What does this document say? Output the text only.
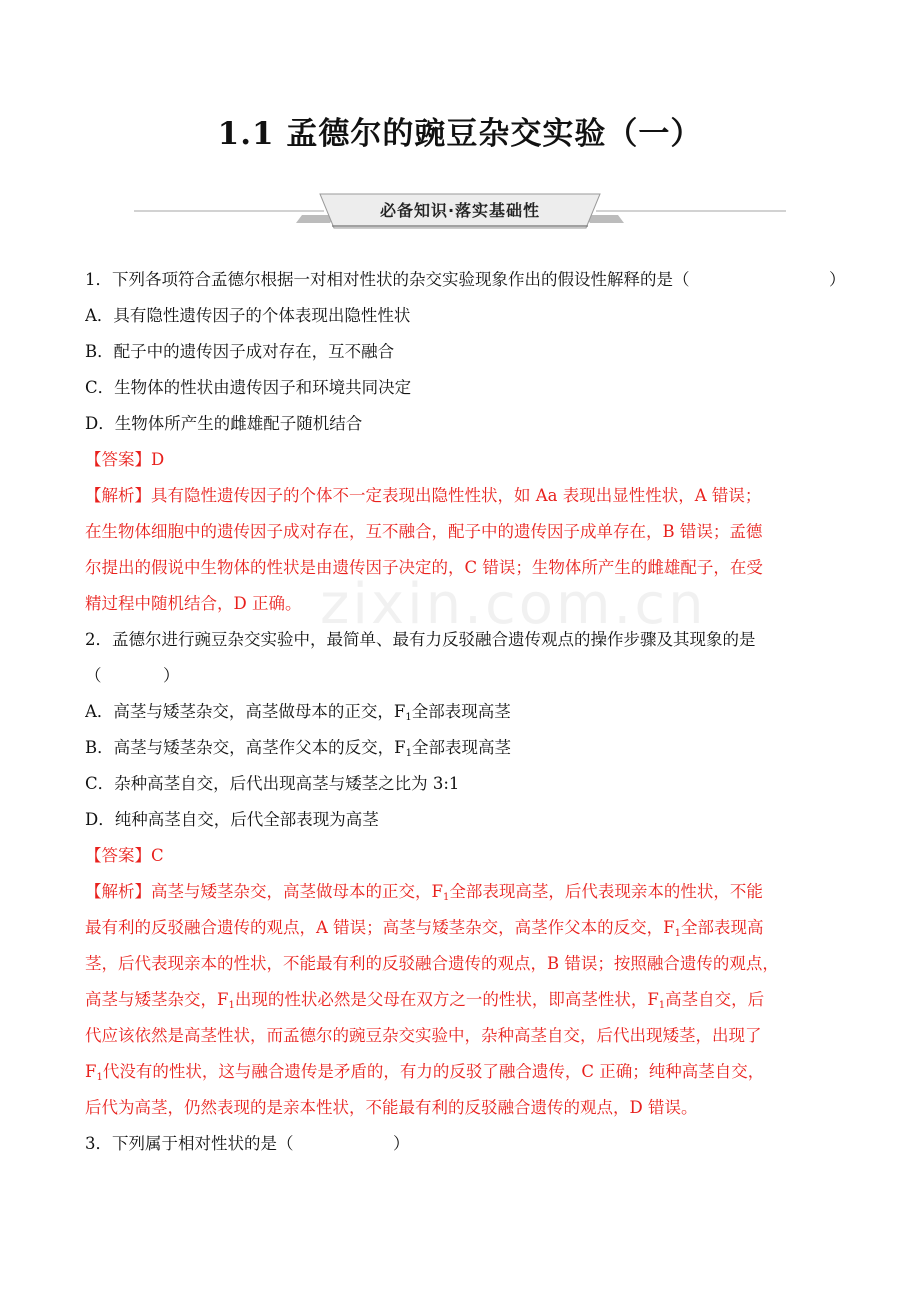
1.1 孟德尔的豌豆杂交实验（一）
必备知识·落实基础性
zixin.com.cn
1．下列各项符合孟德尔根据一对相对性状的杂交实验现象作出的假设性解释的是（	）
A．具有隐性遗传因子的个体表现出隐性性状
B．配子中的遗传因子成对存在，互不融合
C．生物体的性状由遗传因子和环境共同决定
D．生物体所产生的雌雄配子随机结合
【答案】D
【解析】具有隐性遗传因子的个体不一定表现出隐性性状，如 Aa 表现出显性性状，A 错误；
在生物体细胞中的遗传因子成对存在，互不融合，配子中的遗传因子成单存在，B 错误；孟德
尔提出的假说中生物体的性状是由遗传因子决定的，C 错误；生物体所产生的雌雄配子，在受
精过程中随机结合，D 正确。
2．孟德尔进行豌豆杂交实验中，最简单、最有力反驳融合遗传观点的操作步骤及其现象的是
（	）
A．高茎与矮茎杂交，高茎做母本的正交，$F_1$全部表现高茎
B．高茎与矮茎杂交，高茎作父本的反交，$F_1$全部表现高茎
C．杂种高茎自交，后代出现高茎与矮茎之比为 3:1
D．纯种高茎自交，后代全部表现为高茎
【答案】C
【解析】高茎与矮茎杂交，高茎做母本的正交，$F_1$全部表现高茎，后代表现亲本的性状，不能
最有利的反驳融合遗传的观点，A 错误；高茎与矮茎杂交，高茎作父本的反交，$F_1$全部表现高
茎，后代表现亲本的性状，不能最有利的反驳融合遗传的观点，B 错误；按照融合遗传的观点，
高茎与矮茎杂交，$F_1$出现的性状必然是父母在双方之一的性状，即高茎性状，$F_1$高茎自交，后
代应该依然是高茎性状，而孟德尔的豌豆杂交实验中，杂种高茎自交，后代出现矮茎，出现了
$F_1$代没有的性状，这与融合遗传是矛盾的，有力的反驳了融合遗传，C 正确；纯种高茎自交，
后代为高茎，仍然表现的是亲本性状，不能最有利的反驳融合遗传的观点，D 错误。
3．下列属于相对性状的是（	）
